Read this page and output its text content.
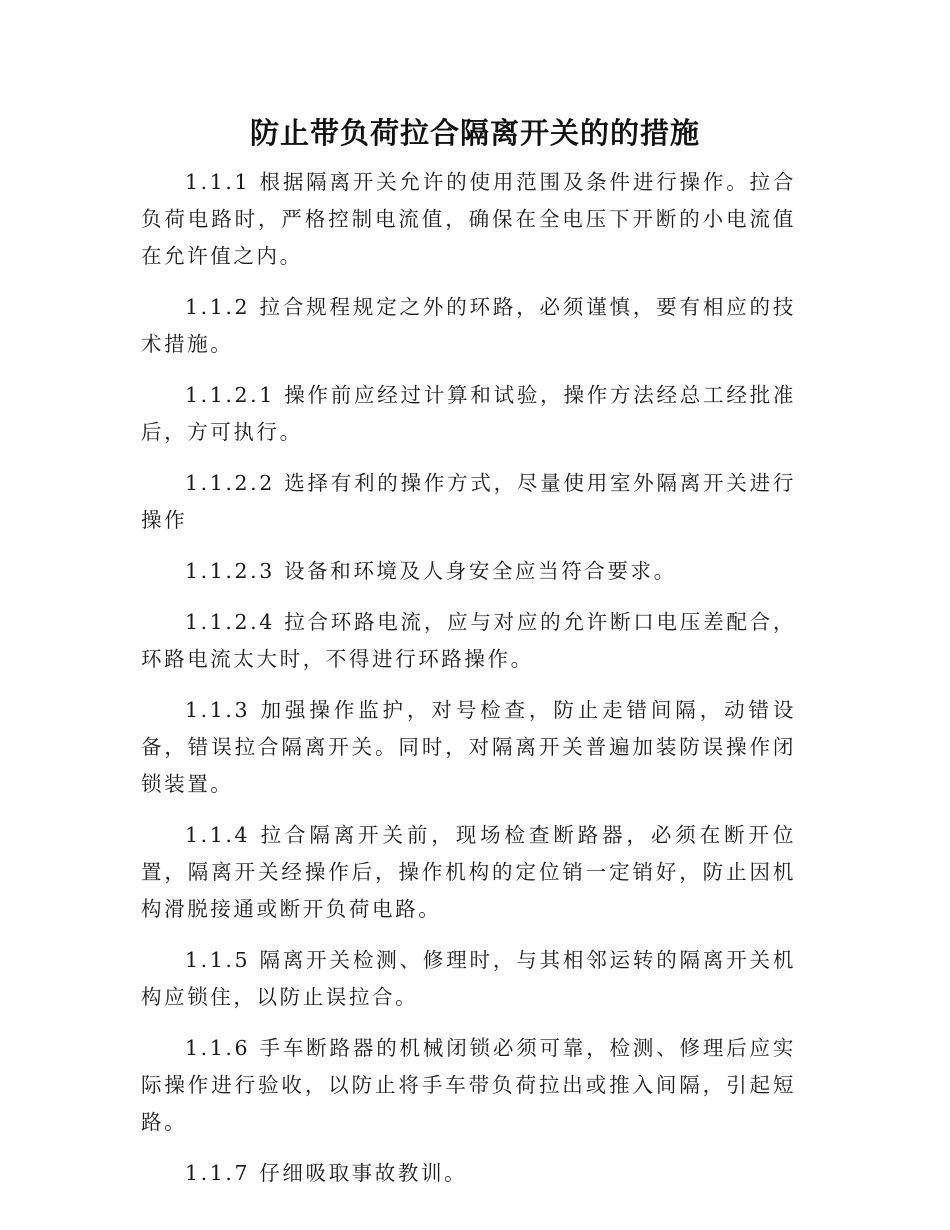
防止带负荷拉合隔离开关的的措施

1.1.1 根据隔离开关允许的使用范围及条件进行操作。拉合负荷电路时，严格控制电流值，确保在全电压下开断的小电流值在允许值之内。

1.1.2 拉合规程规定之外的环路，必须谨慎，要有相应的技术措施。

1.1.2.1 操作前应经过计算和试验，操作方法经总工经批准后，方可执行。

1.1.2.2 选择有利的操作方式，尽量使用室外隔离开关进行操作

1.1.2.3 设备和环境及人身安全应当符合要求。

1.1.2.4 拉合环路电流，应与对应的允许断口电压差配合，环路电流太大时，不得进行环路操作。

1.1.3 加强操作监护，对号检查，防止走错间隔，动错设备，错误拉合隔离开关。同时，对隔离开关普遍加装防误操作闭锁装置。

1.1.4 拉合隔离开关前，现场检查断路器，必须在断开位置，隔离开关经操作后，操作机构的定位销一定销好，防止因机构滑脱接通或断开负荷电路。

1.1.5 隔离开关检测、修理时，与其相邻运转的隔离开关机构应锁住，以防止误拉合。

1.1.6 手车断路器的机械闭锁必须可靠，检测、修理后应实际操作进行验收，以防止将手车带负荷拉出或推入间隔，引起短路。

1.1.7 仔细吸取事故教训。
